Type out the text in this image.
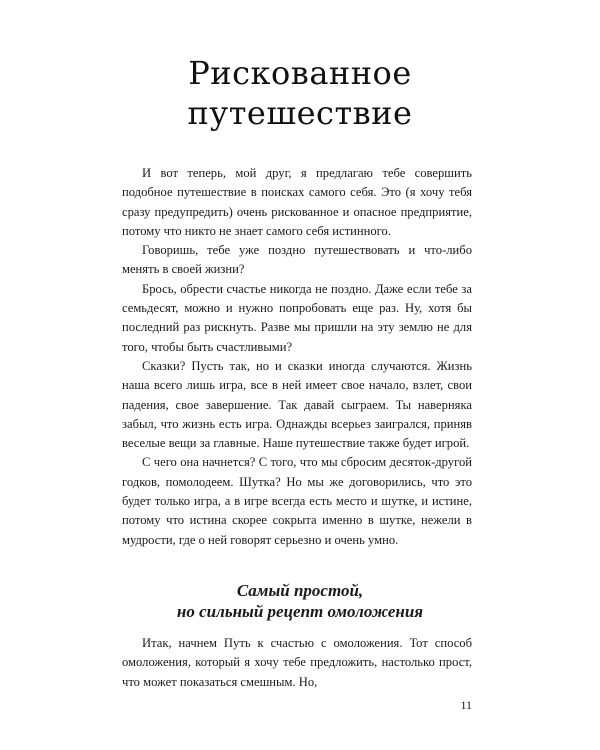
Рискованное
путешествие

И вот теперь, мой друг, я предлагаю тебе совершить подобное путешествие в поисках самого себя. Это (я хочу тебя сразу предупредить) очень рискованное и опасное предприятие, потому что никто не знает самого себя истинного.

Говоришь, тебе уже поздно путешествовать и что-либо менять в своей жизни?

Брось, обрести счастье никогда не поздно. Даже если тебе за семьдесят, можно и нужно попробовать еще раз. Ну, хотя бы последний раз рискнуть. Разве мы пришли на эту землю не для того, чтобы быть счастливыми?

Сказки? Пусть так, но и сказки иногда случаются. Жизнь наша всего лишь игра, все в ней имеет свое начало, взлет, свои падения, свое завершение. Так давай сыграем. Ты наверняка забыл, что жизнь есть игра. Однажды всерьез заигрался, приняв веселые вещи за главные. Наше путешествие также будет игрой.

С чего она начнется? С того, что мы сбросим десяток-другой годков, помолодеем. Шутка? Но мы же договорились, что это будет только игра, а в игре всегда есть место и шутке, и истине, потому что истина скорее сокрыта именно в шутке, нежели в мудрости, где о ней говорят серьезно и очень умно.

Самый простой,
но сильный рецепт омоложения

Итак, начнем Путь к счастью с омоложения. Тот способ омоложения, который я хочу тебе предложить, настолько прост, что может показаться смешным. Но,

11
